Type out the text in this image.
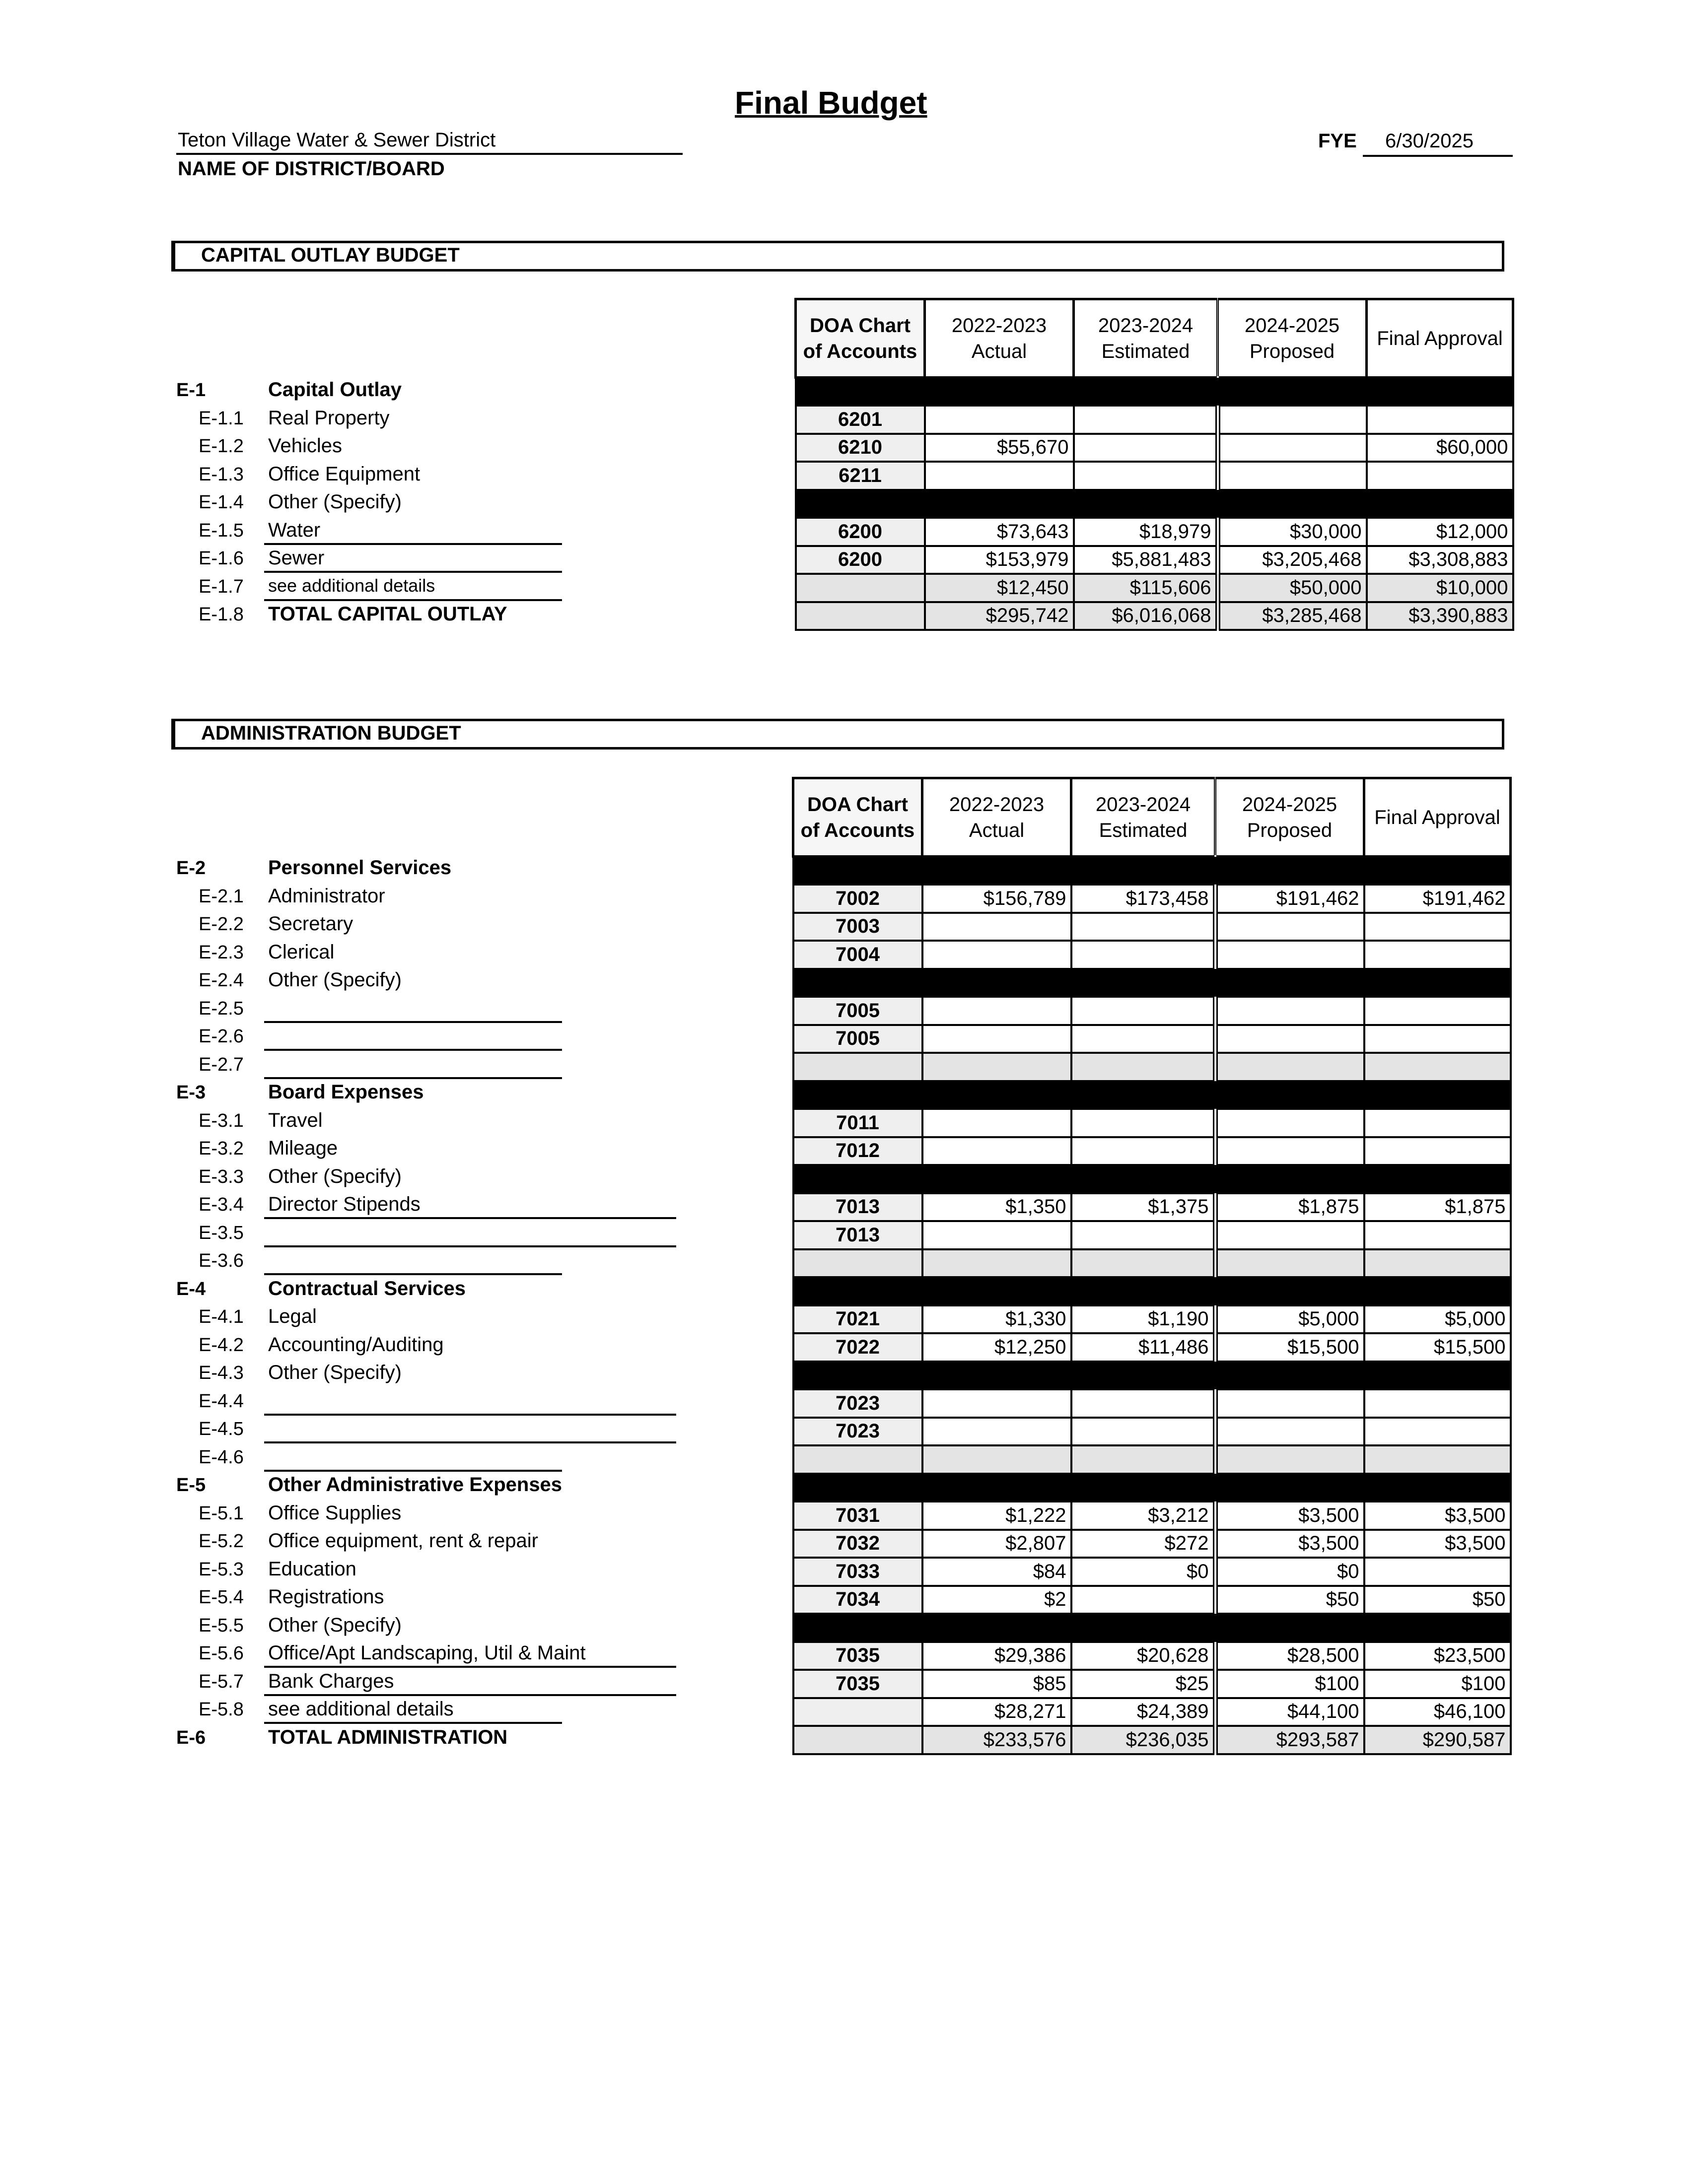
Final Budget
Teton Village Water & Sewer District
NAME OF DISTRICT/BOARD
FYE 6/30/2025
CAPITAL OUTLAY BUDGET
E-1	Capital Outlay
E-1.1 Real Property
E-1.2 Vehicles
E-1.3 Office Equipment
E-1.4 Other (Specify)
E-1.5 Water
E-1.6 Sewer
E-1.7 see additional details
E-1.8 TOTAL CAPITAL OUTLAY
DOA Chart of Accounts	2022-2023 Actual	2023-2024 Estimated	2024-2025 Proposed	Final Approval

6201				
6210	$55,670			$60,000
6211				

6200	$73,643	$18,979	$30,000	$12,000
6200	$153,979	$5,881,483	$3,205,468	$3,308,883
	$12,450	$115,606	$50,000	$10,000
	$295,742	$6,016,068	$3,285,468	$3,390,883
ADMINISTRATION BUDGET
E-2	Personnel Services
E-2.1 Administrator
E-2.2 Secretary
E-2.3 Clerical
E-2.4 Other (Specify)
E-2.5
E-2.6
E-2.7
E-3	Board Expenses
E-3.1 Travel
E-3.2 Mileage
E-3.3 Other (Specify)
E-3.4 Director Stipends
E-3.5
E-3.6
E-4	Contractual Services
E-4.1 Legal
E-4.2 Accounting/Auditing
E-4.3 Other (Specify)
E-4.4
E-4.5
E-4.6
E-5	Other Administrative Expenses
E-5.1 Office Supplies
E-5.2 Office equipment, rent & repair
E-5.3 Education
E-5.4 Registrations
E-5.5 Other (Specify)
E-5.6 Office/Apt Landscaping, Util & Maint
E-5.7 Bank Charges
E-5.8 see additional details
E-6	TOTAL ADMINISTRATION
DOA Chart of Accounts	2022-2023 Actual	2023-2024 Estimated	2024-2025 Proposed	Final Approval

7002	$156,789	$173,458	$191,462	$191,462
7003				
7004				

7005				
7005				

7011				
7012				

7013	$1,350	$1,375	$1,875	$1,875
7013				

7021	$1,330	$1,190	$5,000	$5,000
7022	$12,250	$11,486	$15,500	$15,500

7023				
7023				

7031	$1,222	$3,212	$3,500	$3,500
7032	$2,807	$272	$3,500	$3,500
7033	$84	$0	$0	
7034	$2		$50	$50

7035	$29,386	$20,628	$28,500	$23,500
7035	$85	$25	$100	$100
	$28,271	$24,389	$44,100	$46,100
	$233,576	$236,035	$293,587	$290,587
